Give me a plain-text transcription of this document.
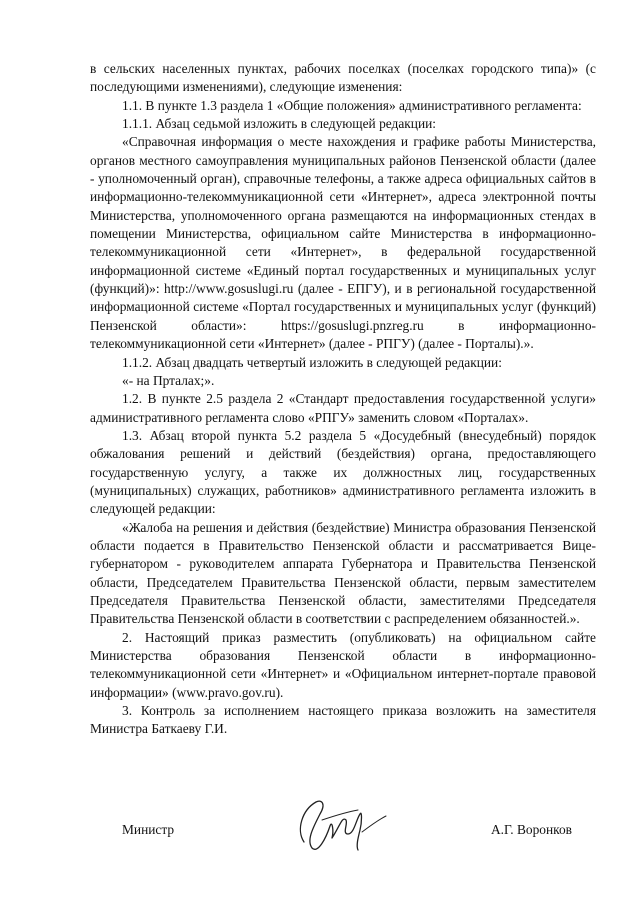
в сельских населенных пунктах, рабочих поселках (поселках городского типа)» (с последующими изменениями), следующие изменения:

1.1. В пункте 1.3 раздела 1 «Общие положения» административного регламента:

1.1.1. Абзац седьмой изложить в следующей редакции:

«Справочная информация о месте нахождения и графике работы Министерства, органов местного самоуправления муниципальных районов Пензенской области (далее - уполномоченный орган), справочные телефоны, а также адреса официальных сайтов в информационно-телекоммуникационной сети «Интернет», адреса электронной почты Министерства, уполномоченного органа размещаются на информационных стендах в помещении Министерства, официальном сайте Министерства в информационно-телекоммуникационной сети «Интернет», в федеральной государственной информационной системе «Единый портал государственных и муниципальных услуг (функций)»: http://www.gosuslugi.ru (далее - ЕПГУ), и в региональной государственной информационной системе «Портал государственных и муниципальных услуг (функций) Пензенской области»: https://gosuslugi.pnzreg.ru в информационно-телекоммуникационной сети «Интернет» (далее - РПГУ) (далее - Порталы).».

1.1.2. Абзац двадцать четвертый изложить в следующей редакции:

«- на Прталах;».

1.2. В пункте 2.5 раздела 2 «Стандарт предоставления государственной услуги» административного регламента слово «РПГУ» заменить словом «Порталах».

1.3. Абзац второй пункта 5.2 раздела 5 «Досудебный (внесудебный) порядок обжалования решений и действий (бездействия) органа, предоставляющего государственную услугу, а также их должностных лиц, государственных (муниципальных) служащих, работников» административного регламента изложить в следующей редакции:

«Жалоба на решения и действия (бездействие) Министра образования Пензенской области подается в Правительство Пензенской области и рассматривается Вице-губернатором - руководителем аппарата Губернатора и Правительства Пензенской области, Председателем Правительства Пензенской области, первым заместителем Председателя Правительства Пензенской области, заместителями Председателя Правительства Пензенской области в соответствии с распределением обязанностей.».

2. Настоящий приказ разместить (опубликовать) на официальном сайте Министерства образования Пензенской области в информационно-телекоммуникационной сети «Интернет» и «Официальном интернет-портале правовой информации» (www.pravo.gov.ru).

3. Контроль за исполнением настоящего приказа возложить на заместителя Министра Баткаеву Г.И.

Министр	А.Г. Воронков
